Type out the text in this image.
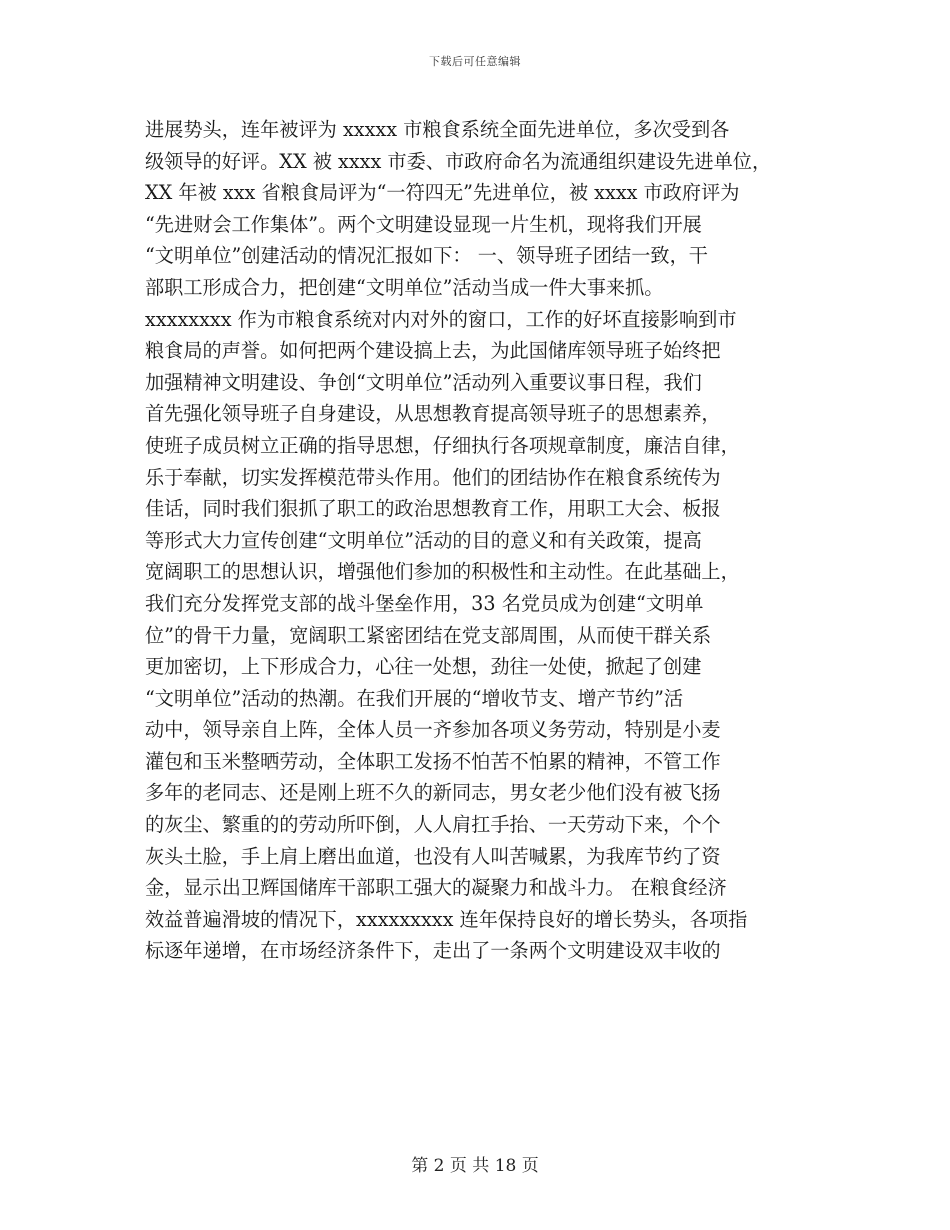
下载后可任意编辑
进展势头，连年被评为 xxxxx 市粮食系统全面先进单位，多次受到各
级领导的好评。XX 被 xxxx 市委、市政府命名为流通组织建设先进单位，
XX 年被 xxx 省粮食局评为“一符四无”先进单位，被 xxxx 市政府评为
“先进财会工作集体”。两个文明建设显现一片生机，现将我们开展
“文明单位”创建活动的情况汇报如下： 一、领导班子团结一致，干
部职工形成合力，把创建“文明单位”活动当成一件大事来抓。
xxxxxxxx 作为市粮食系统对内对外的窗口，工作的好坏直接影响到市
粮食局的声誉。如何把两个建设搞上去，为此国储库领导班子始终把
加强精神文明建设、争创“文明单位”活动列入重要议事日程，我们
首先强化领导班子自身建设，从思想教育提高领导班子的思想素养，
使班子成员树立正确的指导思想，仔细执行各项规章制度，廉洁自律，
乐于奉献，切实发挥模范带头作用。他们的团结协作在粮食系统传为
佳话，同时我们狠抓了职工的政治思想教育工作，用职工大会、板报
等形式大力宣传创建“文明单位”活动的目的意义和有关政策，提高
宽阔职工的思想认识，增强他们参加的积极性和主动性。在此基础上，
我们充分发挥党支部的战斗堡垒作用，33 名党员成为创建“文明单
位”的骨干力量，宽阔职工紧密团结在党支部周围，从而使干群关系
更加密切，上下形成合力，心往一处想，劲往一处使，掀起了创建
“文明单位”活动的热潮。在我们开展的“增收节支、增产节约”活
动中，领导亲自上阵，全体人员一齐参加各项义务劳动，特别是小麦
灌包和玉米整晒劳动，全体职工发扬不怕苦不怕累的精神，不管工作
多年的老同志、还是刚上班不久的新同志，男女老少他们没有被飞扬
的灰尘、繁重的的劳动所吓倒，人人肩扛手抬、一天劳动下来，个个
灰头土脸，手上肩上磨出血道，也没有人叫苦喊累，为我库节约了资
金，显示出卫辉国储库干部职工强大的凝聚力和战斗力。 在粮食经济
效益普遍滑坡的情况下，xxxxxxxxx 连年保持良好的增长势头，各项指
标逐年递增，在市场经济条件下，走出了一条两个文明建设双丰收的
第 2 页 共 18 页
